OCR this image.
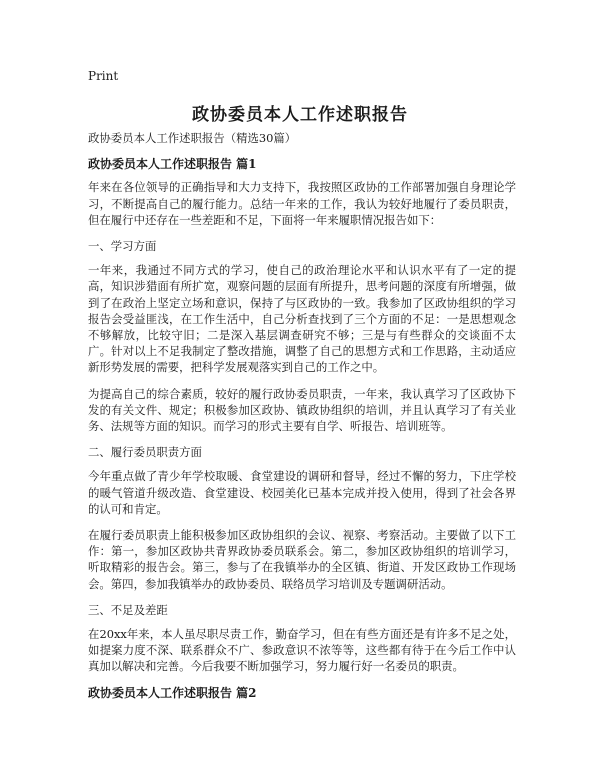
Print
政协委员本人工作述职报告

政协委员本人工作述职报告（精选30篇）

政协委员本人工作述职报告 篇1

年来在各位领导的正确指导和大力支持下，我按照区政协的工作部署加强自身理论学习，不断提高自己的履行能力。总结一年来的工作，我认为较好地履行了委员职责，但在履行中还存在一些差距和不足，下面将一年来履职情况报告如下：

一、学习方面

一年来，我通过不同方式的学习，使自己的政治理论水平和认识水平有了一定的提高，知识涉猎面有所扩宽，观察问题的层面有所提升，思考问题的深度有所增强，做到了在政治上坚定立场和意识，保持了与区政协的一致。我参加了区政协组织的学习报告会受益匪浅，在工作生活中，自己分析查找到了三个方面的不足：一是思想观念不够解放，比较守旧；二是深入基层调查研究不够；三是与有些群众的交谈面不太广。针对以上不足我制定了整改措施，调整了自己的思想方式和工作思路，主动适应新形势发展的需要，把科学发展观落实到自己的工作之中。

为提高自己的综合素质，较好的履行政协委员职责，一年来，我认真学习了区政协下发的有关文件、规定；积极参加区政协、镇政协组织的培训，并且认真学习了有关业务、法规等方面的知识。而学习的形式主要有自学、听报告、培训班等。

二、履行委员职责方面

今年重点做了青少年学校取暖、食堂建设的调研和督导，经过不懈的努力，下庄学校的暖气管道升级改造、食堂建设、校园美化已基本完成并投入使用，得到了社会各界的认可和肯定。

在履行委员职责上能积极参加区政协组织的会议、视察、考察活动。主要做了以下工作：第一，参加区政协共青界政协委员联系会。第二，参加区政协组织的培训学习，听取精彩的报告会。第三，参与了在我镇举办的全区镇、街道、开发区政协工作现场会。第四，参加我镇举办的政协委员、联络员学习培训及专题调研活动。

三、不足及差距

在20xx年来，本人虽尽职尽责工作，勤奋学习，但在有些方面还是有许多不足之处，如提案力度不深、联系群众不广、参政意识不浓等等，这些都有待于在今后工作中认真加以解决和完善。今后我要不断加强学习，努力履行好一名委员的职责。

政协委员本人工作述职报告 篇2
